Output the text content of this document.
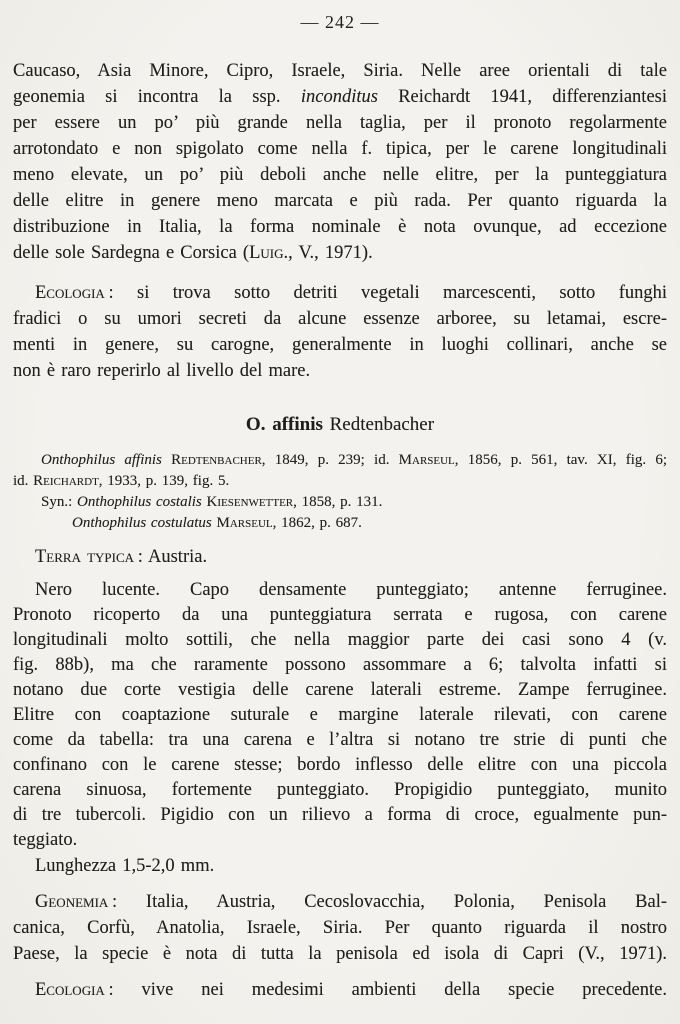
— 242 —
Caucaso, Asia Minore, Cipro, Israele, Siria. Nelle aree orientali di tale
geonemia si incontra la ssp. inconditus Reichardt 1941, differenziantesi
per essere un po’ più grande nella taglia, per il pronoto regolarmente
arrotondato e non spigolato come nella f. tipica, per le carene longitudinali
meno elevate, un po’ più deboli anche nelle elitre, per la punteggiatura
delle elitre in genere meno marcata e più rada. Per quanto riguarda la
distribuzione in Italia, la forma nominale è nota ovunque, ad eccezione
delle sole Sardegna e Corsica (Luig., V., 1971).
Ecologia : si trova sotto detriti vegetali marcescenti, sotto funghi
fradici o su umori secreti da alcune essenze arboree, su letamai, escre-
menti in genere, su carogne, generalmente in luoghi collinari, anche se
non è raro reperirlo al livello del mare.
O. affinis Redtenbacher
Onthophilus affinis Redtenbacher, 1849, p. 239; id. Marseul, 1856, p. 561, tav. XI, fig. 6;
id. Reichardt, 1933, p. 139, fig. 5.
Syn.: Onthophilus costalis Kiesenwetter, 1858, p. 131.
Onthophilus costulatus Marseul, 1862, p. 687.
Terra typica : Austria.
Nero lucente. Capo densamente punteggiato; antenne ferruginee.
Pronoto ricoperto da una punteggiatura serrata e rugosa, con carene
longitudinali molto sottili, che nella maggior parte dei casi sono 4 (v.
fig. 88b), ma che raramente possono assommare a 6; talvolta infatti si
notano due corte vestigia delle carene laterali estreme. Zampe ferruginee.
Elitre con coaptazione suturale e margine laterale rilevati, con carene
come da tabella: tra una carena e l’altra si notano tre strie di punti che
confinano con le carene stesse; bordo inflesso delle elitre con una piccola
carena sinuosa, fortemente punteggiato. Propigidio punteggiato, munito
di tre tubercoli. Pigidio con un rilievo a forma di croce, egualmente pun-
teggiato.
Lunghezza 1,5-2,0 mm.
Geonemia : Italia, Austria, Cecoslovacchia, Polonia, Penisola Bal-
canica, Corfù, Anatolia, Israele, Siria. Per quanto riguarda il nostro
Paese, la specie è nota di tutta la penisola ed isola di Capri (V., 1971).
Ecologia : vive nei medesimi ambienti della specie precedente.
